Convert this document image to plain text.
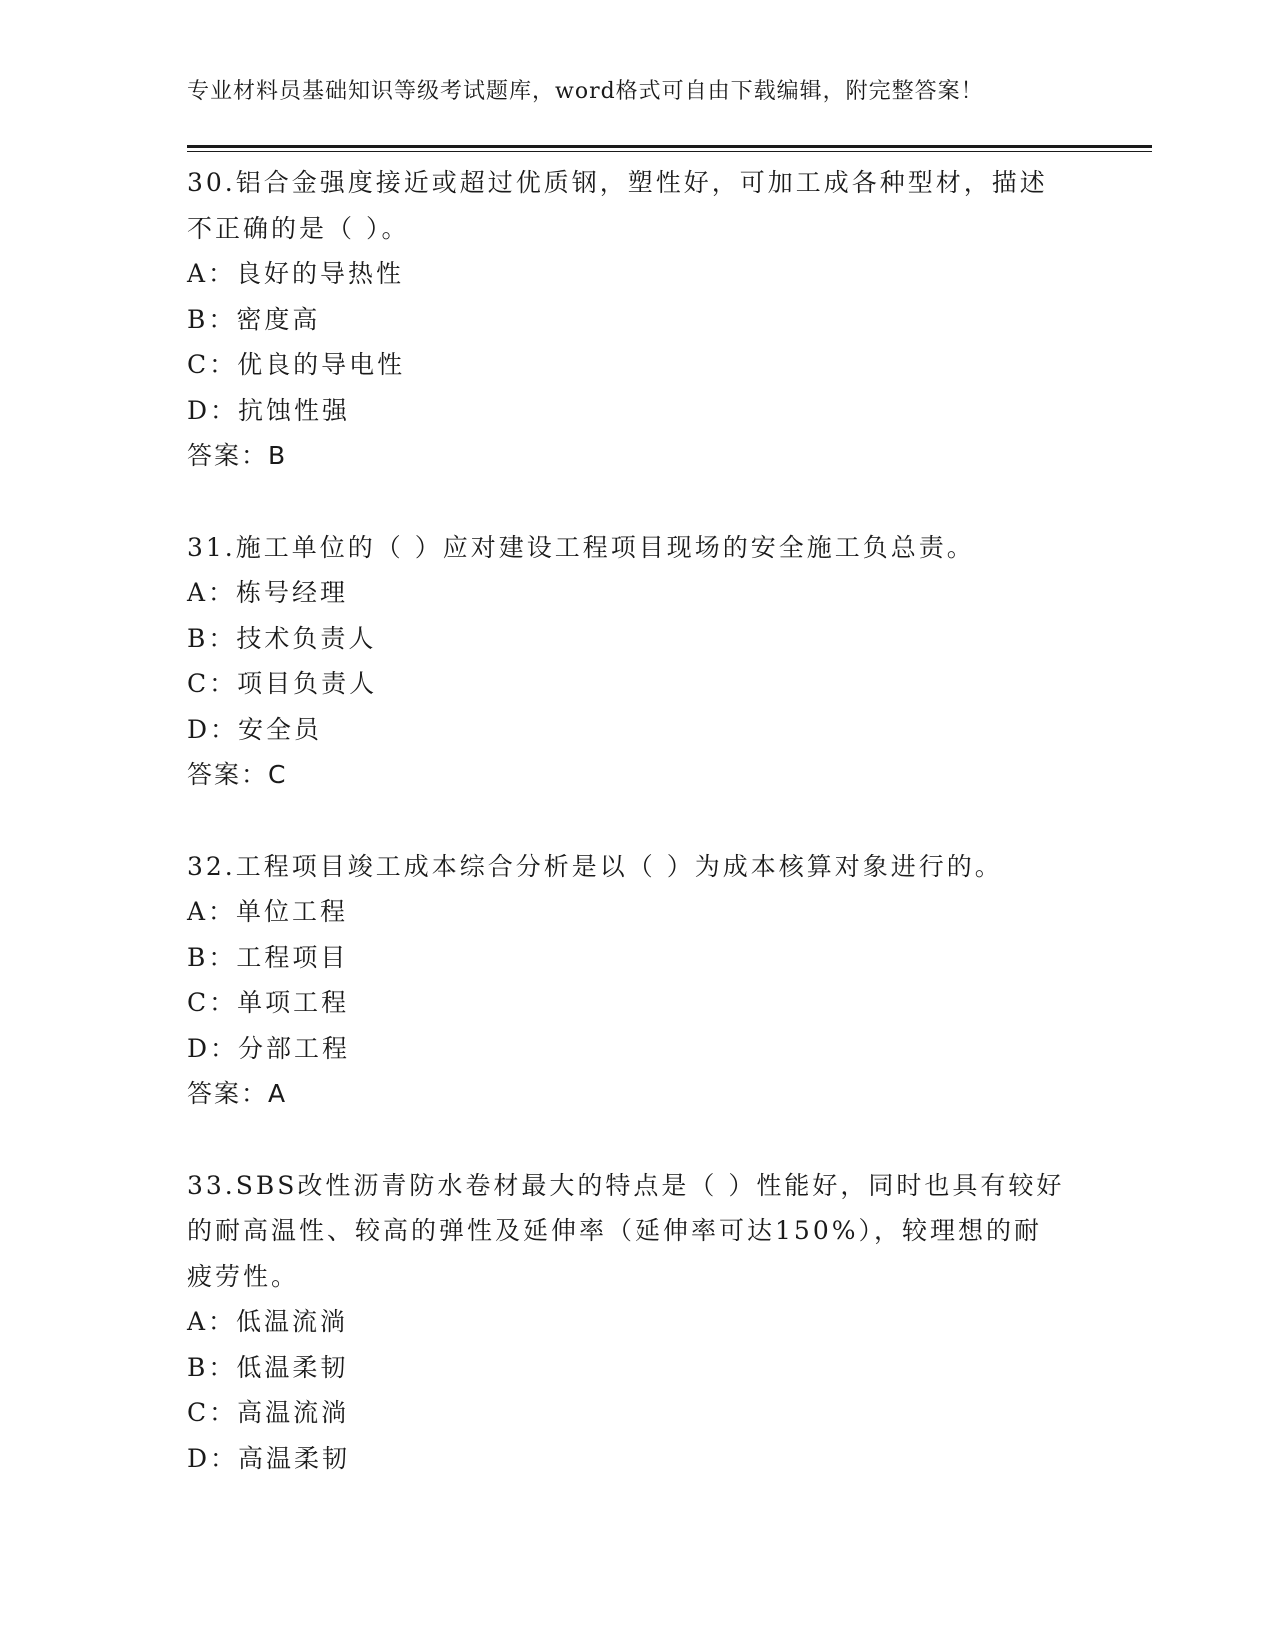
专业材料员基础知识等级考试题库，word格式可自由下载编辑，附完整答案！
30.铝合金强度接近或超过优质钢，塑性好，可加工成各种型材，描述
不正确的是（ ）。
A：良好的导热性
B：密度高
C：优良的导电性
D：抗蚀性强
答案：B
31.施工单位的（ ）应对建设工程项目现场的安全施工负总责。
A：栋号经理
B：技术负责人
C：项目负责人
D：安全员
答案：C
32.工程项目竣工成本综合分析是以（ ）为成本核算对象进行的。
A：单位工程
B：工程项目
C：单项工程
D：分部工程
答案：A
33.SBS改性沥青防水卷材最大的特点是（ ）性能好，同时也具有较好
的耐高温性、较高的弹性及延伸率（延伸率可达150%），较理想的耐
疲劳性。
A：低温流淌
B：低温柔韧
C：高温流淌
D：高温柔韧
